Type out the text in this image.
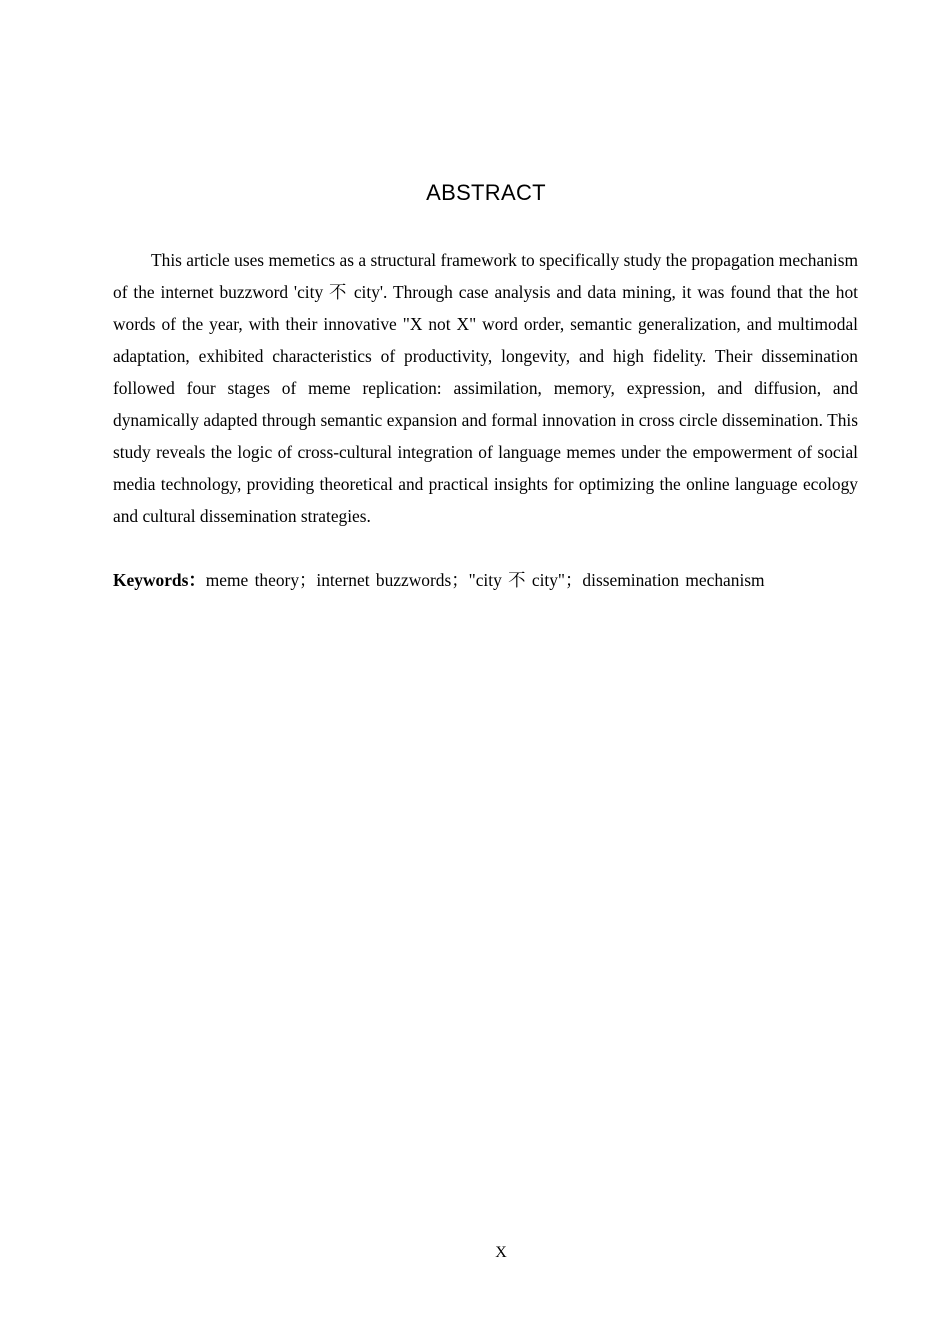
ABSTRACT

This article uses memetics as a structural framework to specifically study the propagation mechanism of the internet buzzword 'city 不 city'. Through case analysis and data mining, it was found that the hot words of the year, with their innovative "X not X" word order, semantic generalization, and multimodal adaptation, exhibited characteristics of productivity, longevity, and high fidelity. Their dissemination followed four stages of meme replication: assimilation, memory, expression, and diffusion, and dynamically adapted through semantic expansion and formal innovation in cross circle dissemination. This study reveals the logic of cross-cultural integration of language memes under the empowerment of social media technology, providing theoretical and practical insights for optimizing the online language ecology and cultural dissemination strategies.

Keywords：meme theory；internet buzzwords；"city 不 city"；dissemination mechanism

X
